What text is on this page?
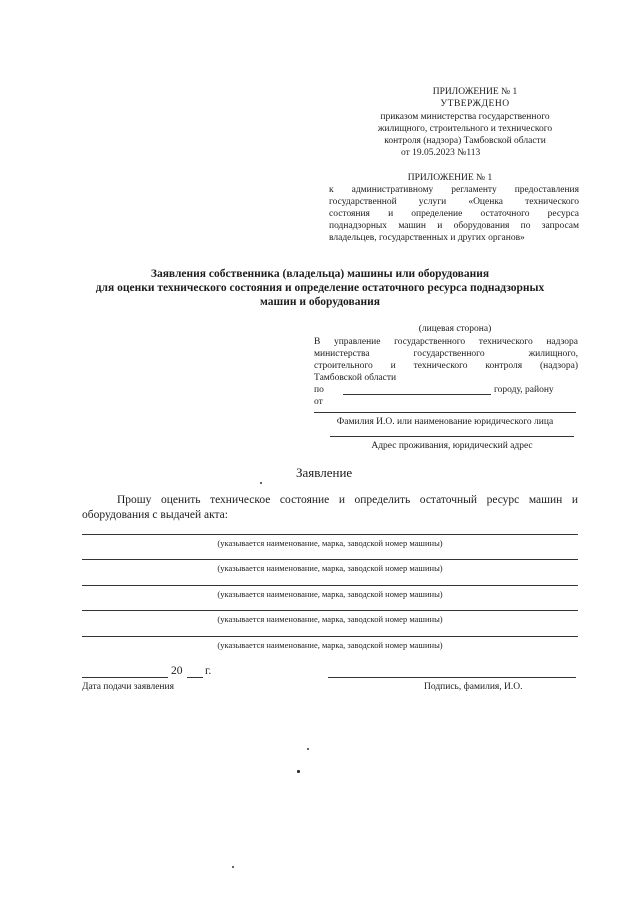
ПРИЛОЖЕНИЕ № 1
УТВЕРЖДЕНО
приказом министерства государственного
жилищного, строительного и технического
контроля (надзора) Тамбовской области
от 19.05.2023 №113
ПРИЛОЖЕНИЕ № 1
к административному регламенту предоставления
государственной услуги «Оценка технического
состояния и определение остаточного ресурса
поднадзорных машин и оборудования по запросам
владельцев, государственных и других органов»
Заявления собственника (владельца) машины или оборудования
для оценки технического состояния и определение остаточного ресурса поднадзорных
машин и оборудования
(лицевая сторона)
В управление государственного технического надзора
министерства государственного жилищного,
строительного и технического контроля (надзора)
Тамбовской области
по	городу, району
от
Фамилия И.О. или наименование юридического лица
Адрес проживания, юридический адрес
Заявление
Прошу оценить техническое состояние и определить остаточный ресурс машин и
оборудования с выдачей акта:
(указывается наименование, марка, заводской номер машины)
(указывается наименование, марка, заводской номер машины)
(указывается наименование, марка, заводской номер машины)
(указывается наименование, марка, заводской номер машины)
(указывается наименование, марка, заводской номер машины)
20 г.
Дата подачи заявления	Подпись, фамилия, И.О.
